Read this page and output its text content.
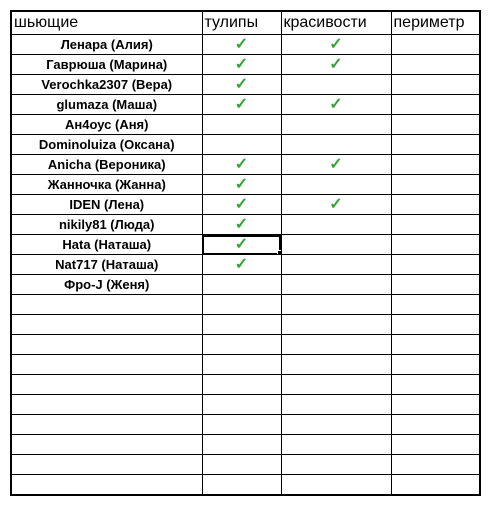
шьющие	тулипы	красивости	периметр
Ленара (Алия)	✓	✓	
Гаврюша (Марина)	✓	✓	
Verochka2307 (Вера)	✓		
glumaza (Маша)	✓	✓	
Ан4оус (Аня)			
Dominoluiza (Оксана)			
Anicha (Вероника)	✓	✓	
Жанночка (Жанна)	✓		
IDEN (Лена)	✓	✓	
nikily81 (Люда)	✓		
Hata (Наташа)	✓

Nat717 (Наташа)	✓		
Фро-J (Женя)			
